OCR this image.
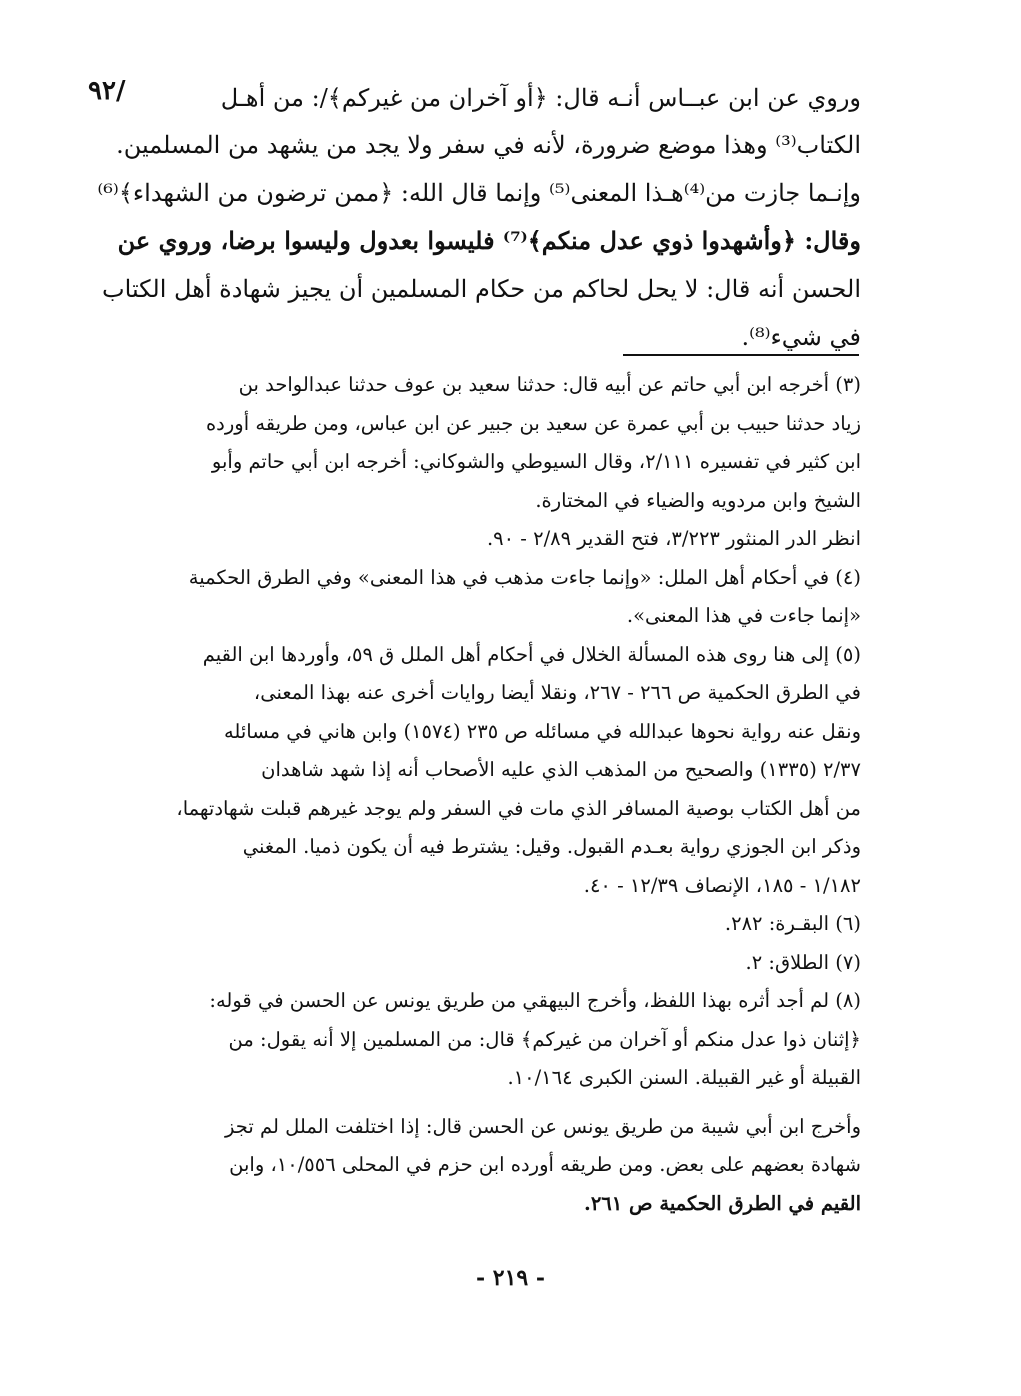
٩٢/	وروي عن ابن عبــاس أنـه قال: ﴿أو آخران من غيركم﴾/: من أهـل
الكتاب⁽³⁾ وهذا موضع ضرورة، لأنه في سفر ولا يجد من يشهد من المسلمين.
وإنـما جازت من⁽⁴⁾هـذا المعنى⁽⁵⁾ وإنما قال الله: ﴿ممن ترضون من الشهداء﴾⁽⁶⁾
وقال: ﴿وأشهدوا ذوي عدل منكم﴾⁽⁷⁾ فليسوا بعدول وليسوا برضا، وروي عن
الحسن أنه قال: لا يحل لحاكم من حكام المسلمين أن يجيز شهادة أهل الكتاب
في شيء⁽⁸⁾.
(٣) أخرجه ابن أبي حاتم عن أبيه قال: حدثنا سعيد بن عوف حدثنا عبدالواحد بن
زياد حدثنا حبيب بن أبي عمرة عن سعيد بن جبير عن ابن عباس، ومن طريقه أورده
ابن كثير في تفسيره ٢/١١١، وقال السيوطي والشوكاني: أخرجه ابن أبي حاتم وأبو
الشيخ وابن مردويه والضياء في المختارة.
انظر الدر المنثور ٣/٢٢٣، فتح القدير ٢/٨٩ - ٩٠.
(٤) في أحكام أهل الملل: «وإنما جاءت مذهب في هذا المعنى» وفي الطرق الحكمية
«إنما جاءت في هذا المعنى».
(٥) إلى هنا روى هذه المسألة الخلال في أحكام أهل الملل ق ٥٩، وأوردها ابن القيم
في الطرق الحكمية ص ٢٦٦ - ٢٦٧، ونقلا أيضا روايات أخرى عنه بهذا المعنى،
ونقل عنه رواية نحوها عبدالله في مسائله ص ٢٣٥ (١٥٧٤) وابن هاني في مسائله
٢/٣٧ (١٣٣٥) والصحيح من المذهب الذي عليه الأصحاب أنه إذا شهد شاهدان
من أهل الكتاب بوصية المسافر الذي مات في السفر ولم يوجد غيرهم قبلت شهادتهما،
وذكر ابن الجوزي رواية بعـدم القبول. وقيل: يشترط فيه أن يكون ذميا. المغني
١/١٨٢ - ١٨٥، الإنصاف ١٢/٣٩ - ٤٠.
(٦) البقـرة: ٢٨٢.
(٧) الطلاق: ٢.
(٨) لم أجد أثره بهذا اللفظ، وأخرج البيهقي من طريق يونس عن الحسن في قوله:
﴿إثنان ذوا عدل منكم أو آخران من غيركم﴾ قال: من المسلمين إلا أنه يقول: من
القبيلة أو غير القبيلة. السنن الكبرى ١٠/١٦٤.
وأخرج ابن أبي شيبة من طريق يونس عن الحسن قال: إذا اختلفت الملل لم تجز
شهادة بعضهم على بعض. ومن طريقه أورده ابن حزم في المحلى ١٠/٥٥٦، وابن
القيم في الطرق الحكمية ص ٢٦١.
- ٢١٩ -
